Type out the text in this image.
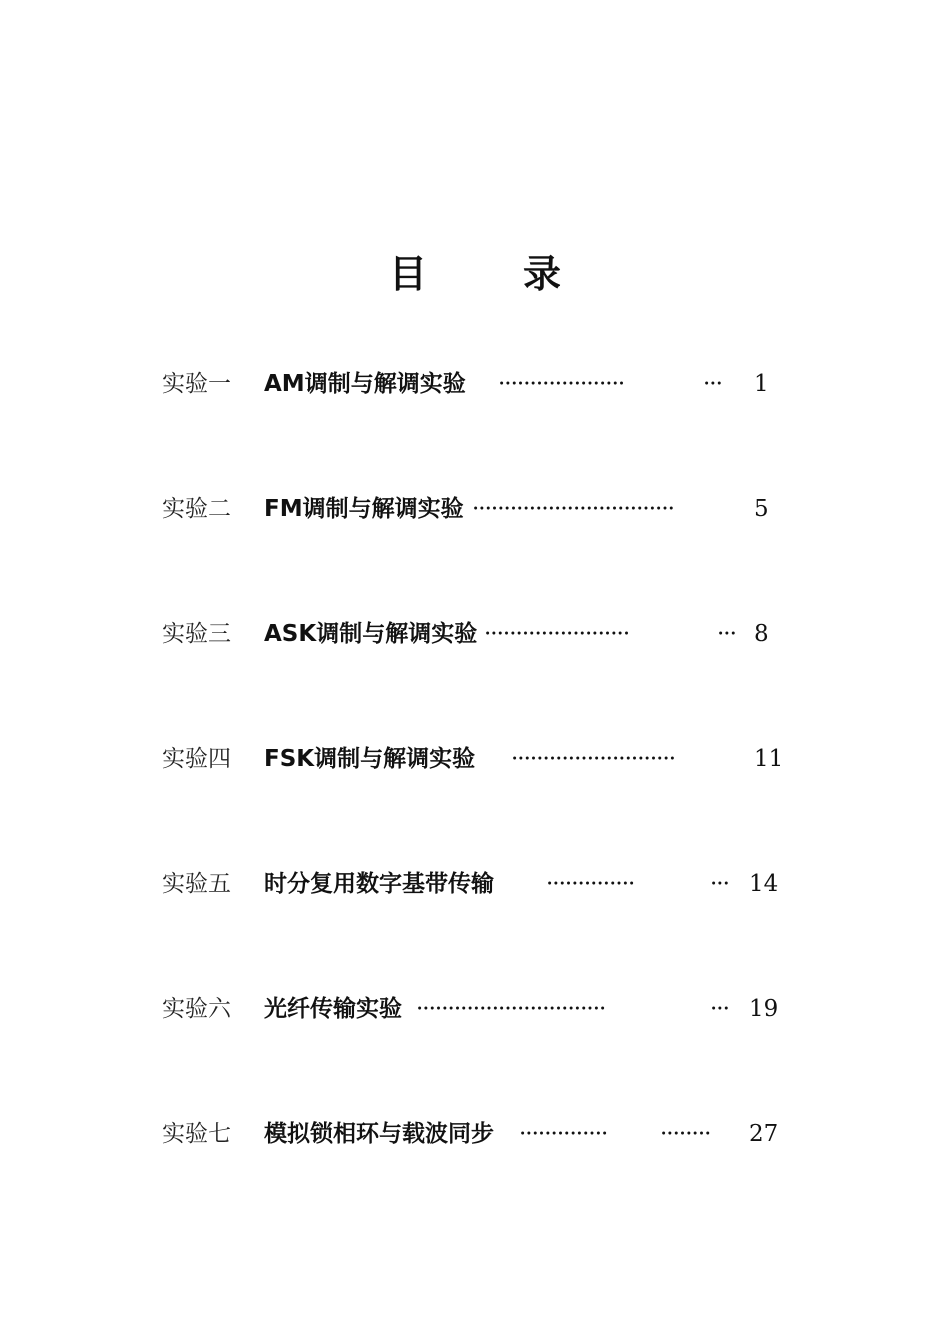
目	录
实验一 AM调制与解调实验 ····················	··· 1
实验二 FM调制与解调实验 ································	5
实验三 ASK调制与解调实验 ·······················	··· 8
实验四 FSK调制与解调实验 ··························	11
实验五 时分复用数字基带传输 ··············	··· 14
实验六 光纤传输实验 ······························	··· 19
实验七 模拟锁相环与载波同步 ·············· ········ 27
